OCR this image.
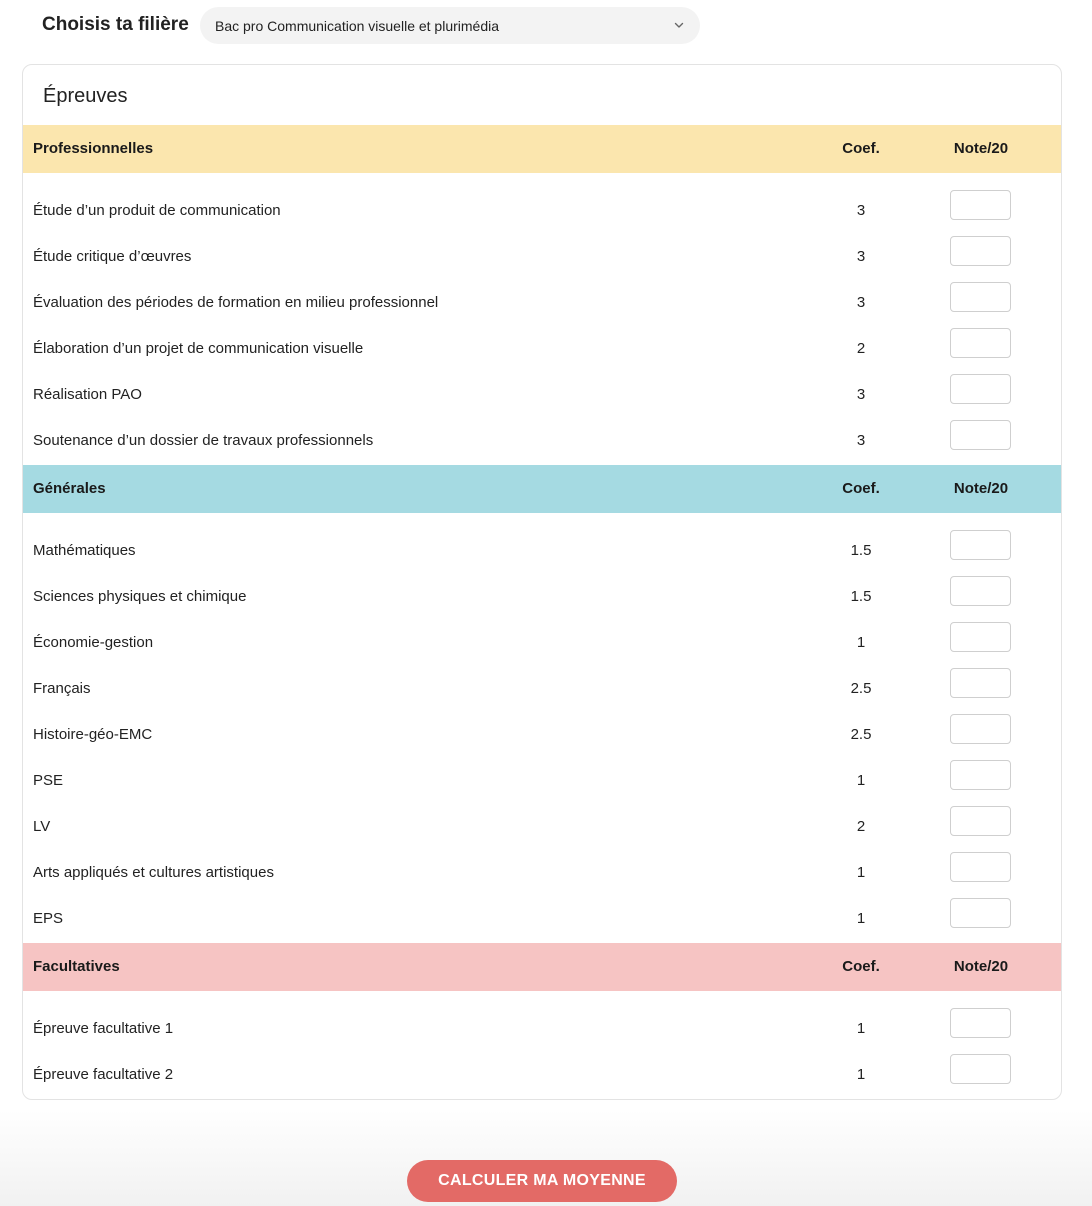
Choisis ta filière Bac pro Communication visuelle et plurimédia
Épreuves
Professionnelles	Coef.	Note/20
Étude d’un produit de communication	3
Étude critique d’œuvres	3
Évaluation des périodes de formation en milieu professionnel	3
Élaboration d’un projet de communication visuelle	2
Réalisation PAO	3
Soutenance d’un dossier de travaux professionnels	3
Générales	Coef.	Note/20
Mathématiques	1.5
Sciences physiques et chimique	1.5
Économie-gestion	1
Français	2.5
Histoire-géo-EMC	2.5
PSE	1
LV	2
Arts appliqués et cultures artistiques	1
EPS	1
Facultatives	Coef.	Note/20
Épreuve facultative 1	1
Épreuve facultative 2	1
CALCULER MA MOYENNE
